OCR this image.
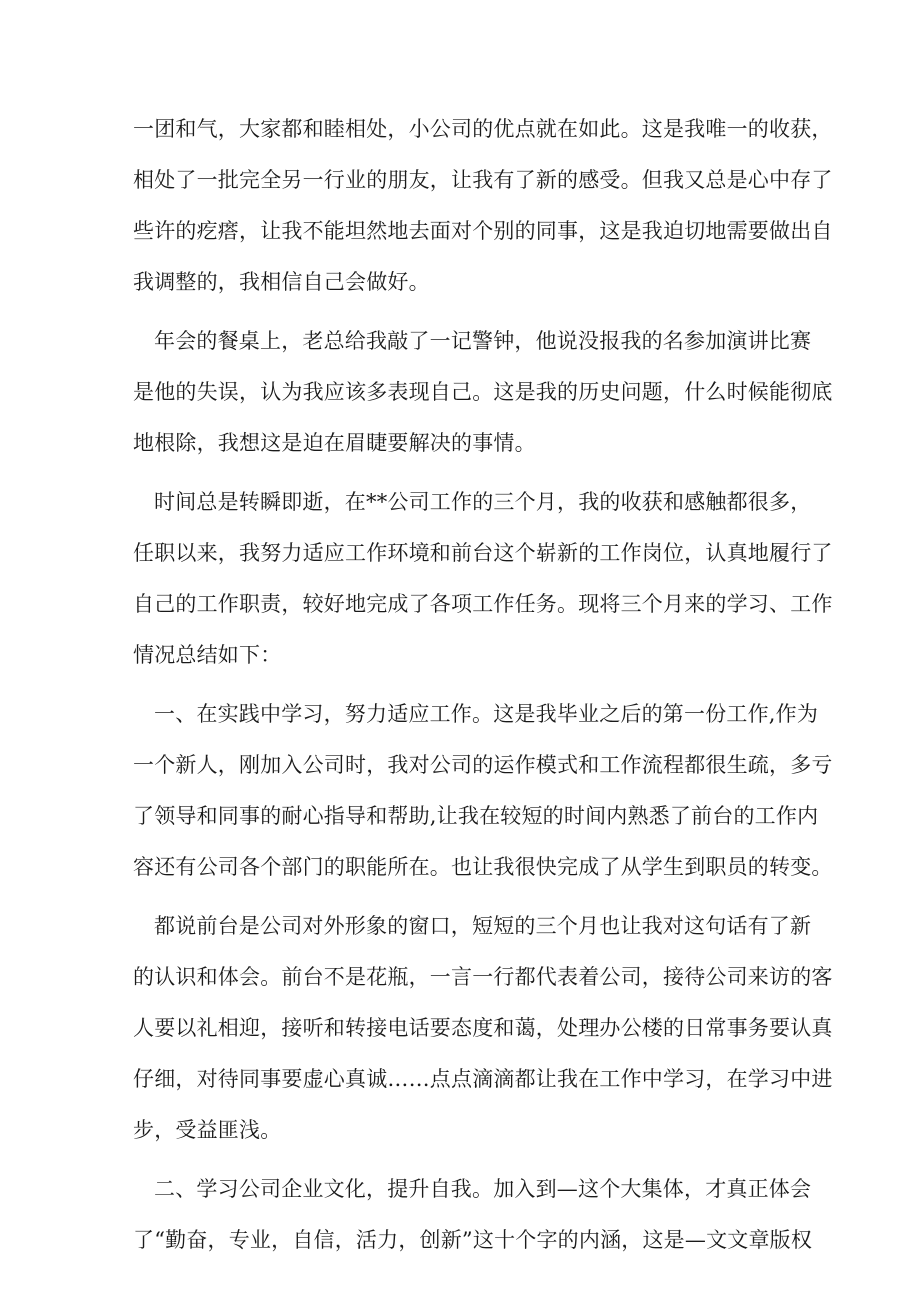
一团和气，大家都和睦相处，小公司的优点就在如此。这是我唯一的收获，
相处了一批完全另一行业的朋友，让我有了新的感受。但我又总是心中存了
些许的疙瘩，让我不能坦然地去面对个别的同事，这是我迫切地需要做出自
我调整的，我相信自己会做好。
年会的餐桌上，老总给我敲了一记警钟，他说没报我的名参加演讲比赛
是他的失误，认为我应该多表现自己。这是我的历史问题，什么时候能彻底
地根除，我想这是迫在眉睫要解决的事情。
时间总是转瞬即逝，在**公司工作的三个月，我的收获和感触都很多，
任职以来，我努力适应工作环境和前台这个崭新的工作岗位，认真地履行了
自己的工作职责，较好地完成了各项工作任务。现将三个月来的学习、工作
情况总结如下：
一、在实践中学习，努力适应工作。这是我毕业之后的第一份工作,作为
一个新人，刚加入公司时，我对公司的运作模式和工作流程都很生疏，多亏
了领导和同事的耐心指导和帮助,让我在较短的时间内熟悉了前台的工作内
容还有公司各个部门的职能所在。也让我很快完成了从学生到职员的转变。
都说前台是公司对外形象的窗口，短短的三个月也让我对这句话有了新
的认识和体会。前台不是花瓶，一言一行都代表着公司，接待公司来访的客
人要以礼相迎，接听和转接电话要态度和蔼，处理办公楼的日常事务要认真
仔细，对待同事要虚心真诚……点点滴滴都让我在工作中学习，在学习中进
步，受益匪浅。
二、学习公司企业文化，提升自我。加入到—这个大集体，才真正体会
了“勤奋，专业，自信，活力，创新”这十个字的内涵，这是—文文章版权
